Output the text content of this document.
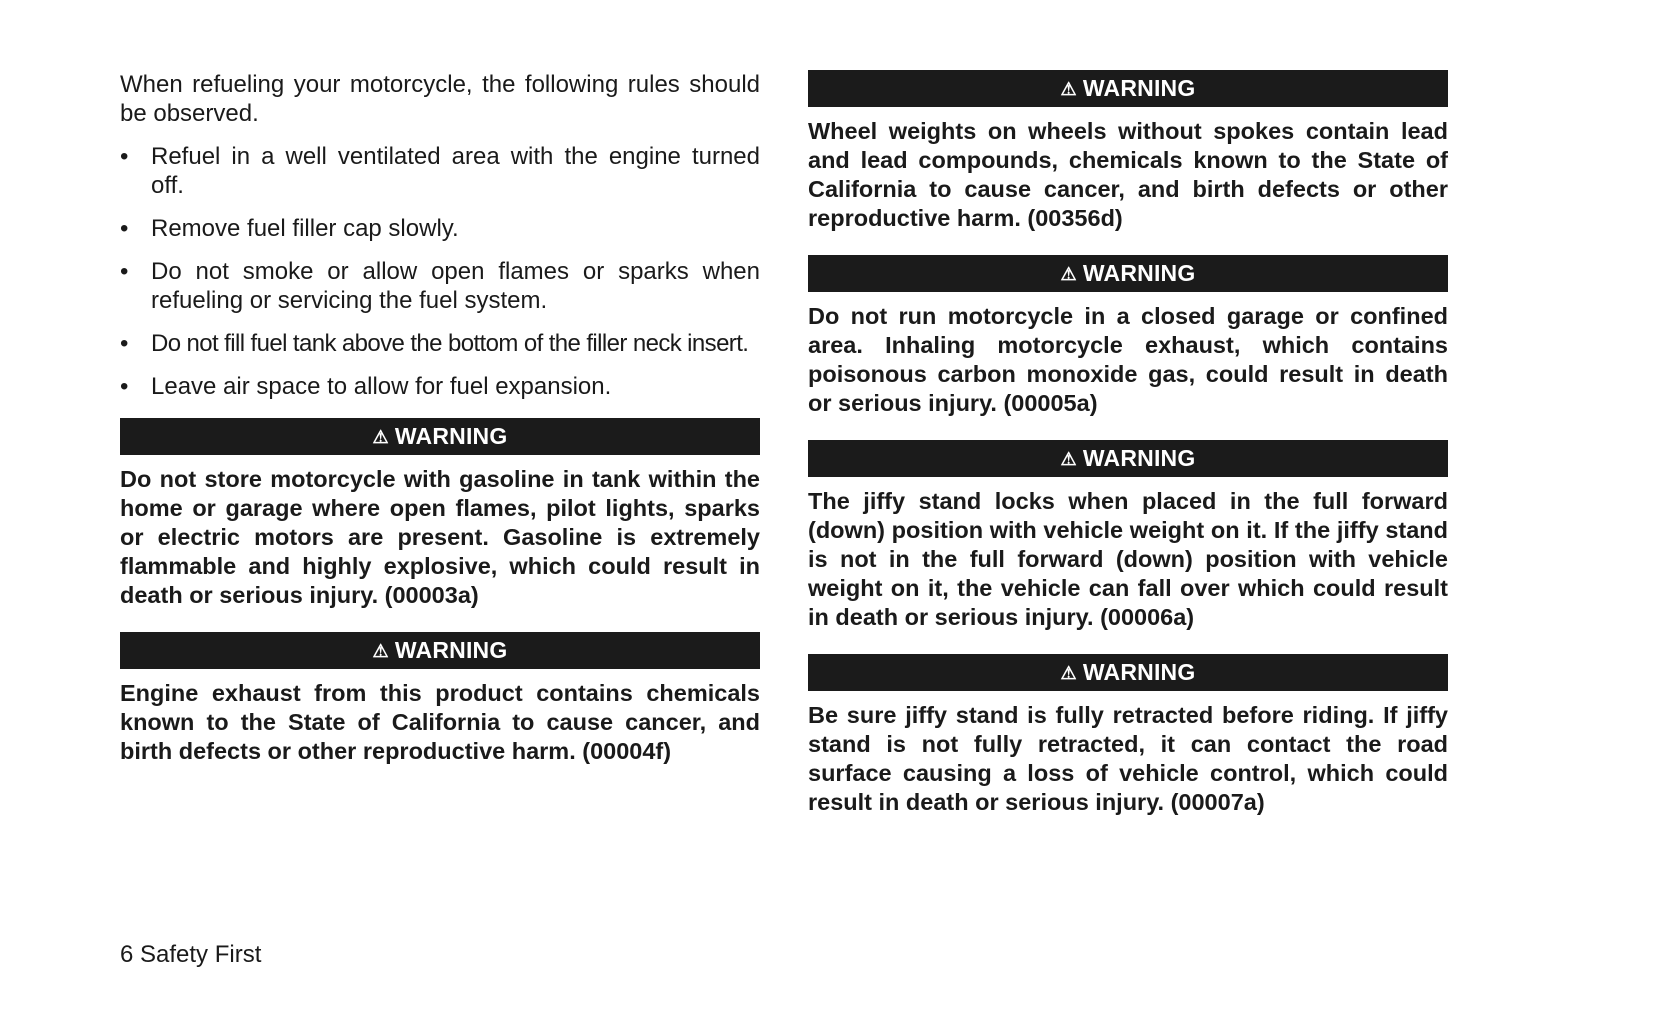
When refueling your motorcycle, the following rules should be observed.

• Refuel in a well ventilated area with the engine turned off.
• Remove fuel filler cap slowly.
• Do not smoke or allow open flames or sparks when refueling or servicing the fuel system.
• Do not fill fuel tank above the bottom of the filler neck insert.
• Leave air space to allow for fuel expansion.
⚠ WARNING

Do not store motorcycle with gasoline in tank within the home or garage where open flames, pilot lights, sparks or electric motors are present. Gasoline is extremely flammable and highly explosive, which could result in death or serious injury. (00003a)

⚠ WARNING

Engine exhaust from this product contains chemicals known to the State of California to cause cancer, and birth defects or other reproductive harm. (00004f)

⚠ WARNING

Wheel weights on wheels without spokes contain lead and lead compounds, chemicals known to the State of California to cause cancer, and birth defects or other reproductive harm. (00356d)

⚠ WARNING

Do not run motorcycle in a closed garage or confined area. Inhaling motorcycle exhaust, which contains poisonous carbon monoxide gas, could result in death or serious injury. (00005a)

⚠ WARNING

The jiffy stand locks when placed in the full forward (down) position with vehicle weight on it. If the jiffy stand is not in the full forward (down) position with vehicle weight on it, the vehicle can fall over which could result in death or serious injury. (00006a)

⚠ WARNING

Be sure jiffy stand is fully retracted before riding. If jiffy stand is not fully retracted, it can contact the road surface causing a loss of vehicle control, which could result in death or serious injury. (00007a)

6 Safety First
